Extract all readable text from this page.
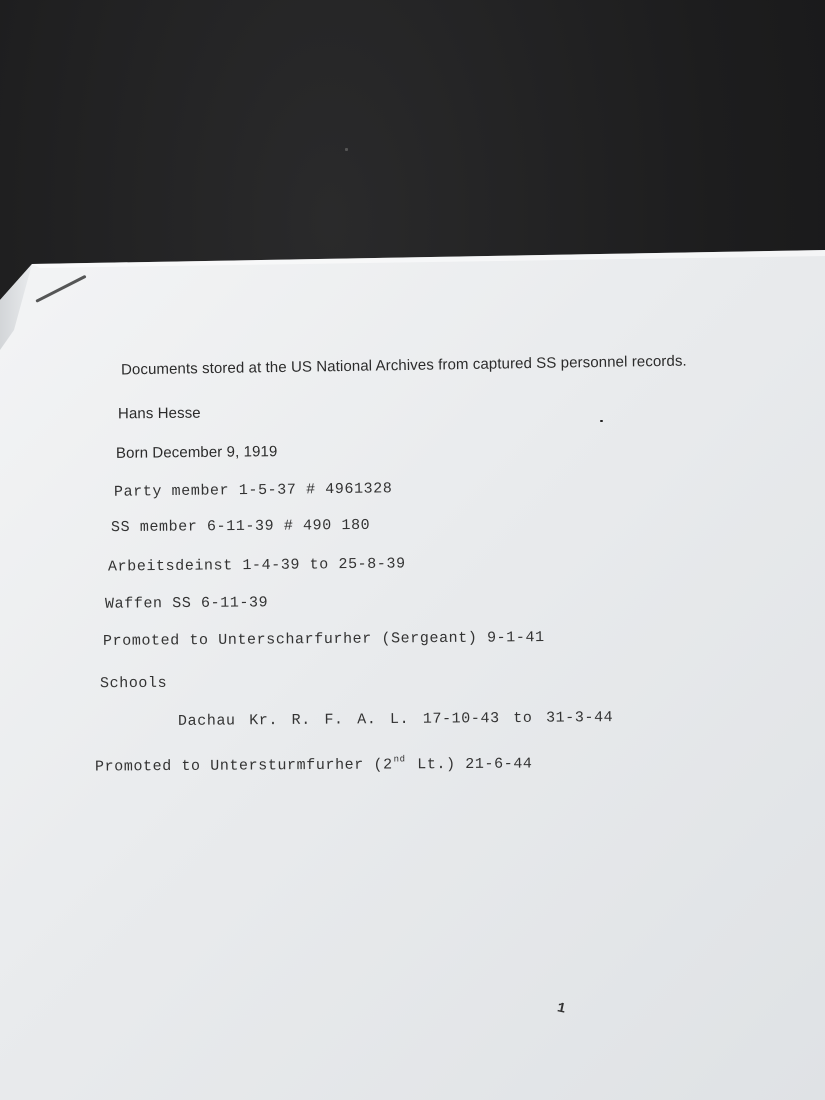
Documents stored at the US National Archives from captured SS personnel records.
Hans Hesse
Born December 9, 1919
Party member 1-5-37 # 4961328
SS member 6-11-39 # 490 180
Arbeitsdeinst 1-4-39 to 25-8-39
Waffen SS 6-11-39
Promoted to Unterscharfurher (Sergeant) 9-1-41
Schools
Dachau Kr. R. F. A. L. 17-10-43 to 31-3-44
Promoted to Untersturmfurher (2nd Lt.) 21-6-44
1
